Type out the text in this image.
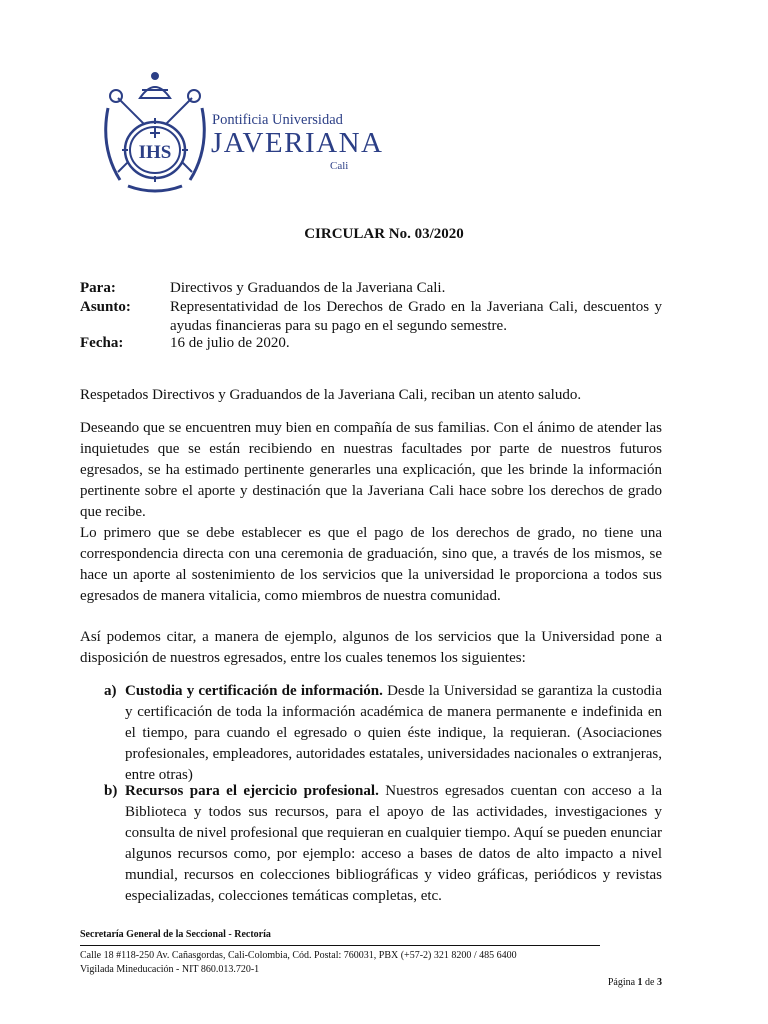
IHS
Pontificia Universidad
JAVERIANA
Cali
CIRCULAR No. 03/2020
Para:	Directivos y Graduandos de la Javeriana Cali.
Asunto:	Representatividad de los Derechos de Grado en la Javeriana Cali, descuentos y ayudas financieras para su pago en el segundo semestre.
Fecha:	16 de julio de 2020.

Respetados Directivos y Graduandos de la Javeriana Cali, reciban un atento saludo.

Deseando que se encuentren muy bien en compañía de sus familias. Con el ánimo de atender las inquietudes que se están recibiendo en nuestras facultades por parte de nuestros futuros egresados, se ha estimado pertinente generarles una explicación, que les brinde la información pertinente sobre el aporte y destinación que la Javeriana Cali hace sobre los derechos de grado que recibe.

Lo primero que se debe establecer es que el pago de los derechos de grado, no tiene una correspondencia directa con una ceremonia de graduación, sino que, a través de los mismos, se hace un aporte al sostenimiento de los servicios que la universidad le proporciona a todos sus egresados de manera vitalicia, como miembros de nuestra comunidad.

Así podemos citar, a manera de ejemplo, algunos de los servicios que la Universidad pone a disposición de nuestros egresados, entre los cuales tenemos los siguientes:

a) Custodia y certificación de información. Desde la Universidad se garantiza la custodia y certificación de toda la información académica de manera permanente e indefinida en el tiempo, para cuando el egresado o quien éste indique, la requieran. (Asociaciones profesionales, empleadores, autoridades estatales, universidades nacionales o extranjeras, entre otras)
b) Recursos para el ejercicio profesional. Nuestros egresados cuentan con acceso a la Biblioteca y todos sus recursos, para el apoyo de las actividades, investigaciones y consulta de nivel profesional que requieran en cualquier tiempo. Aquí se pueden enunciar algunos recursos como, por ejemplo: acceso a bases de datos de alto impacto a nivel mundial, recursos en colecciones bibliográficas y video gráficas, periódicos y revistas especializadas, colecciones temáticas completas, etc.
Secretaría General de la Seccional - Rectoría
Calle 18 #118-250 Av. Cañasgordas, Cali-Colombia, Cód. Postal: 760031, PBX (+57-2) 321 8200 / 485 6400
Vigilada Mineducación - NIT 860.013.720-1
Página 1 de 3
